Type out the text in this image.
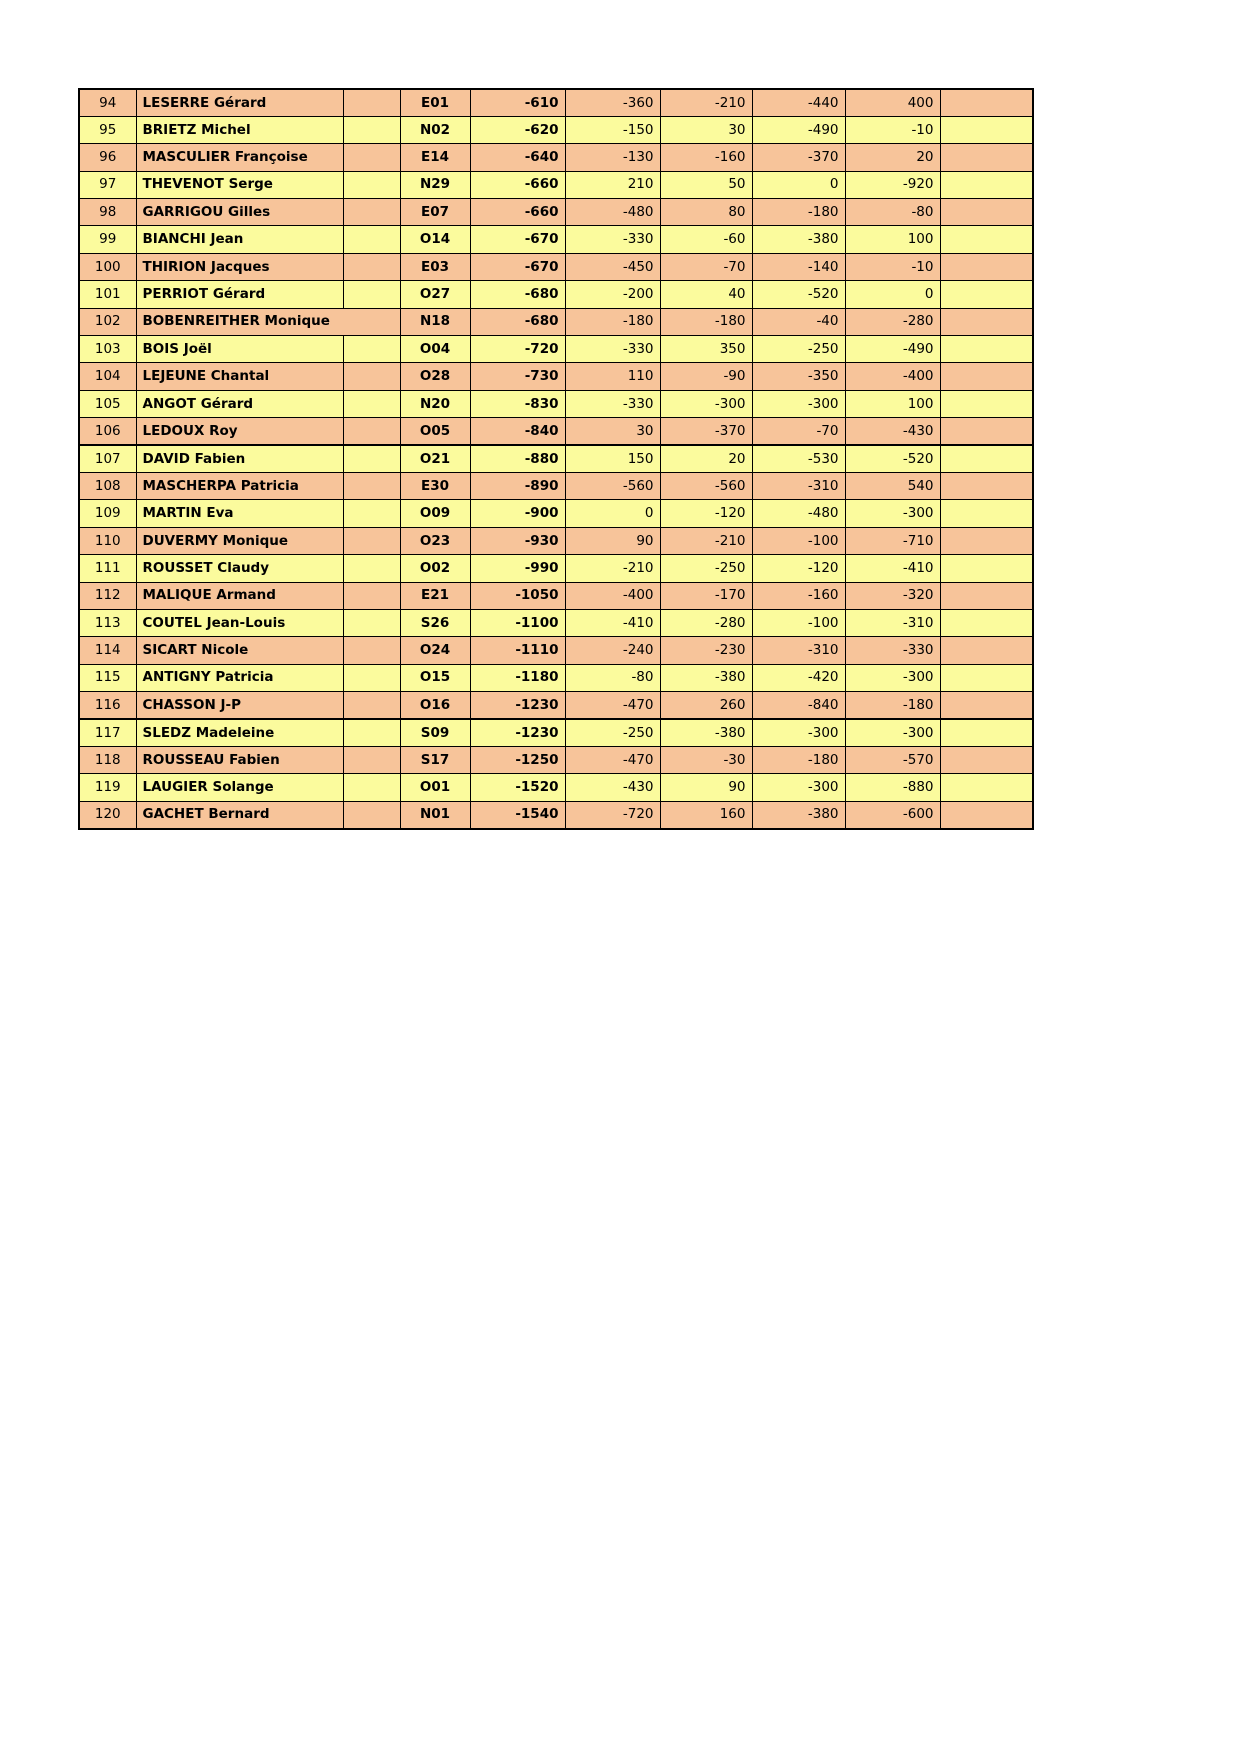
94	LESERRE Gérard		E01	-610	-360	-210	-440	400	
95	BRIETZ Michel		N02	-620	-150	30	-490	-10	
96	MASCULIER Françoise		E14	-640	-130	-160	-370	20	
97	THEVENOT Serge		N29	-660	210	50	0	-920	
98	GARRIGOU Gilles		E07	-660	-480	80	-180	-80	
99	BIANCHI Jean		O14	-670	-330	-60	-380	100	
100	THIRION Jacques		E03	-670	-450	-70	-140	-10	
101	PERRIOT Gérard		O27	-680	-200	40	-520	0	
102	BOBENREITHER Monique		N18	-680	-180	-180	-40	-280	
103	BOIS Joël		O04	-720	-330	350	-250	-490	
104	LEJEUNE Chantal		O28	-730	110	-90	-350	-400	
105	ANGOT Gérard		N20	-830	-330	-300	-300	100	
106	LEDOUX Roy		O05	-840	30	-370	-70	-430	
107	DAVID Fabien		O21	-880	150	20	-530	-520	
108	MASCHERPA Patricia		E30	-890	-560	-560	-310	540	
109	MARTIN Eva		O09	-900	0	-120	-480	-300	
110	DUVERMY Monique		O23	-930	90	-210	-100	-710	
111	ROUSSET Claudy		O02	-990	-210	-250	-120	-410	
112	MALIQUE Armand		E21	-1050	-400	-170	-160	-320	
113	COUTEL Jean-Louis		S26	-1100	-410	-280	-100	-310	
114	SICART Nicole		O24	-1110	-240	-230	-310	-330	
115	ANTIGNY Patricia		O15	-1180	-80	-380	-420	-300	
116	CHASSON J-P		O16	-1230	-470	260	-840	-180	
117	SLEDZ Madeleine		S09	-1230	-250	-380	-300	-300	
118	ROUSSEAU Fabien		S17	-1250	-470	-30	-180	-570	
119	LAUGIER Solange		O01	-1520	-430	90	-300	-880	
120	GACHET Bernard		N01	-1540	-720	160	-380	-600	
